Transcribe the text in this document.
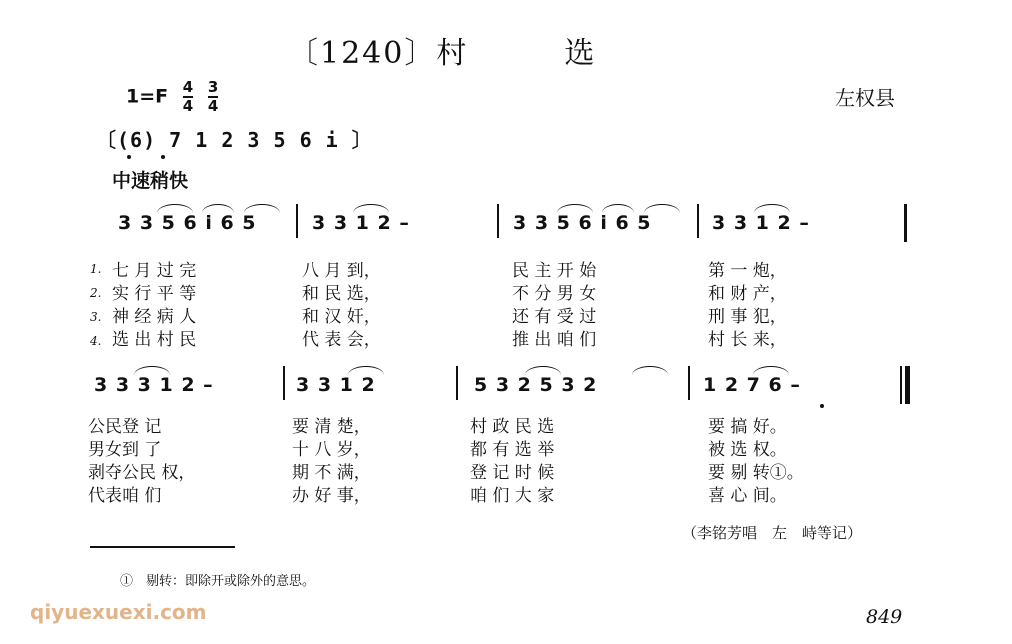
〔1240〕村　　　选
$1=F \frac{4}{4} \frac{3}{4}$	左权县
〔(6) 7 1 2 3 5 6 i 〕
中速稍快
3 3 5 6 i 6 5	3 3 1 2 –	3 3 5 6 i 6 5	3 3 1 2 –
1.
2.
3.
4.
七 月 过 完	八 月 到，	民 主 开 始	第 一 炮，
实 行 平 等	和 民 选，	不 分 男 女	和 财 产，
神 经 病 人	和 汉 奸，	还 有 受 过	刑 事 犯，
选 出 村 民	代 表 会，	推 出 咱 们	村 长 来，
3 3 3 1 2 –	3 3 1 2	5 3 2 5 3 2	1 2 7 6 –
公民登 记	要 清 楚，	村 政 民 选	要 搞 好。
男女到 了	十 八 岁，	都 有 选 举	被 选 权。
剥夺公民 权，	期 不 满，	登 记 时 候	要 剔 转①。
代表咱 们	办 好 事，	咱 们 大 家	喜 心 间。
（李铭芳唱　左　峙等记）
①　剔转：即除开或除外的意思。
qiyuexuexi.com	849
